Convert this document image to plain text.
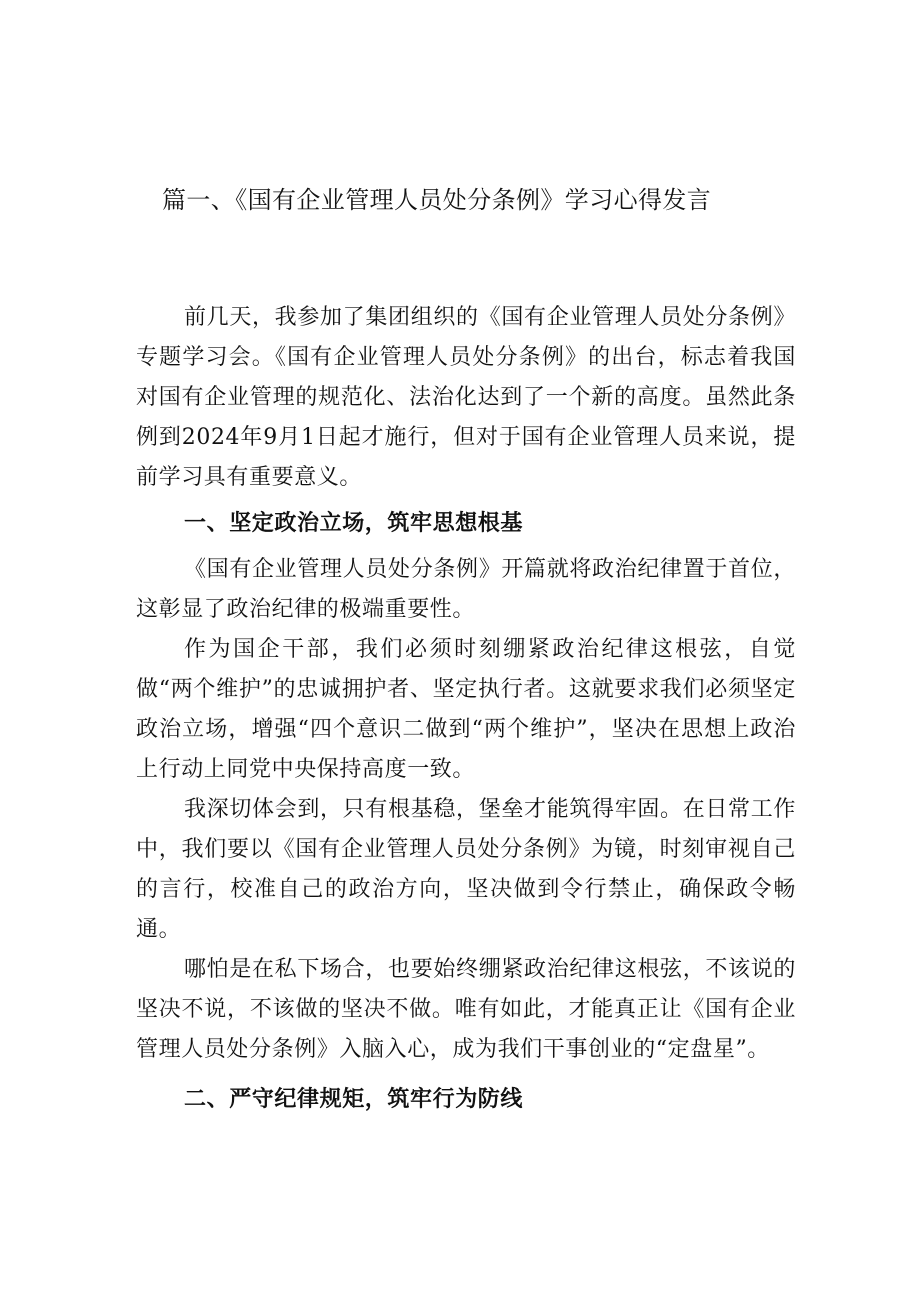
篇一、《国有企业管理人员处分条例》学习心得发言

前几天，我参加了集团组织的《国有企业管理人员处分条例》专题学习会。《国有企业管理人员处分条例》的出台，标志着我国对国有企业管理的规范化、法治化达到了一个新的高度。虽然此条例到2024年9月1日起才施行，但对于国有企业管理人员来说，提前学习具有重要意义。

一、坚定政治立场，筑牢思想根基

《国有企业管理人员处分条例》开篇就将政治纪律置于首位，这彰显了政治纪律的极端重要性。

作为国企干部，我们必须时刻绷紧政治纪律这根弦，自觉做“两个维护”的忠诚拥护者、坚定执行者。这就要求我们必须坚定政治立场，增强“四个意识二做到“两个维护”，坚决在思想上政治上行动上同党中央保持高度一致。

我深切体会到，只有根基稳，堡垒才能筑得牢固。在日常工作中，我们要以《国有企业管理人员处分条例》为镜，时刻审视自己的言行，校准自己的政治方向，坚决做到令行禁止，确保政令畅通。

哪怕是在私下场合，也要始终绷紧政治纪律这根弦，不该说的坚决不说，不该做的坚决不做。唯有如此，才能真正让《国有企业管理人员处分条例》入脑入心，成为我们干事创业的“定盘星”。

二、严守纪律规矩，筑牢行为防线
